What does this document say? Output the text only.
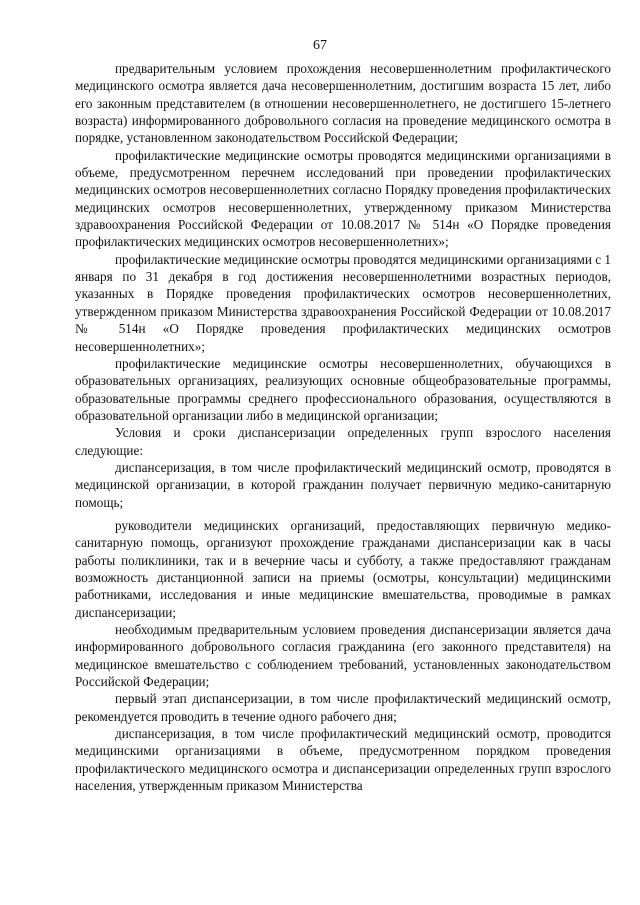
67

предварительным условием прохождения несовершеннолетним профилактического медицинского осмотра является дача несовершеннолетним, достигшим возраста 15 лет, либо его законным представителем (в отношении несовершеннолетнего, не достигшего 15-летнего возраста) информированного добровольного согласия на проведение медицинского осмотра в порядке, установленном законодательством Российской Федерации;

профилактические медицинские осмотры проводятся медицинскими организациями в объеме, предусмотренном перечнем исследований при проведении профилактических медицинских осмотров несовершеннолетних согласно Порядку проведения профилактических медицинских осмотров несовершеннолетних, утвержденному приказом Министерства здравоохранения Российской Федерации от 10.08.2017 № 514н «О Порядке проведения профилактических медицинских осмотров несовершеннолетних»;

профилактические медицинские осмотры проводятся медицинскими организациями с 1 января по 31 декабря в год достижения несовершеннолетними возрастных периодов, указанных в Порядке проведения профилактических осмотров несовершеннолетних, утвержденном приказом Министерства здравоохранения Российской Федерации от 10.08.2017 № 514н «О Порядке проведения профилактических медицинских осмотров несовершеннолетних»;

профилактические медицинские осмотры несовершеннолетних, обучающихся в образовательных организациях, реализующих основные общеобразовательные программы, образовательные программы среднего профессионального образования, осуществляются в образовательной организации либо в медицинской организации;

Условия и сроки диспансеризации определенных групп взрослого населения следующие:

диспансеризация, в том числе профилактический медицинский осмотр, проводятся в медицинской организации, в которой гражданин получает первичную медико-санитарную помощь;

руководители медицинских организаций, предоставляющих первичную медико-санитарную помощь, организуют прохождение гражданами диспансеризации как в часы работы поликлиники, так и в вечерние часы и субботу, а также предоставляют гражданам возможность дистанционной записи на приемы (осмотры, консультации) медицинскими работниками, исследования и иные медицинские вмешательства, проводимые в рамках диспансеризации;

необходимым предварительным условием проведения диспансеризации является дача информированного добровольного согласия гражданина (его законного представителя) на медицинское вмешательство с соблюдением требований, установленных законодательством Российской Федерации;

первый этап диспансеризации, в том числе профилактический медицинский осмотр, рекомендуется проводить в течение одного рабочего дня;

диспансеризация, в том числе профилактический медицинский осмотр, проводится медицинскими организациями в объеме, предусмотренном порядком проведения профилактического медицинского осмотра и диспансеризации определенных групп взрослого населения, утвержденным приказом Министерства
